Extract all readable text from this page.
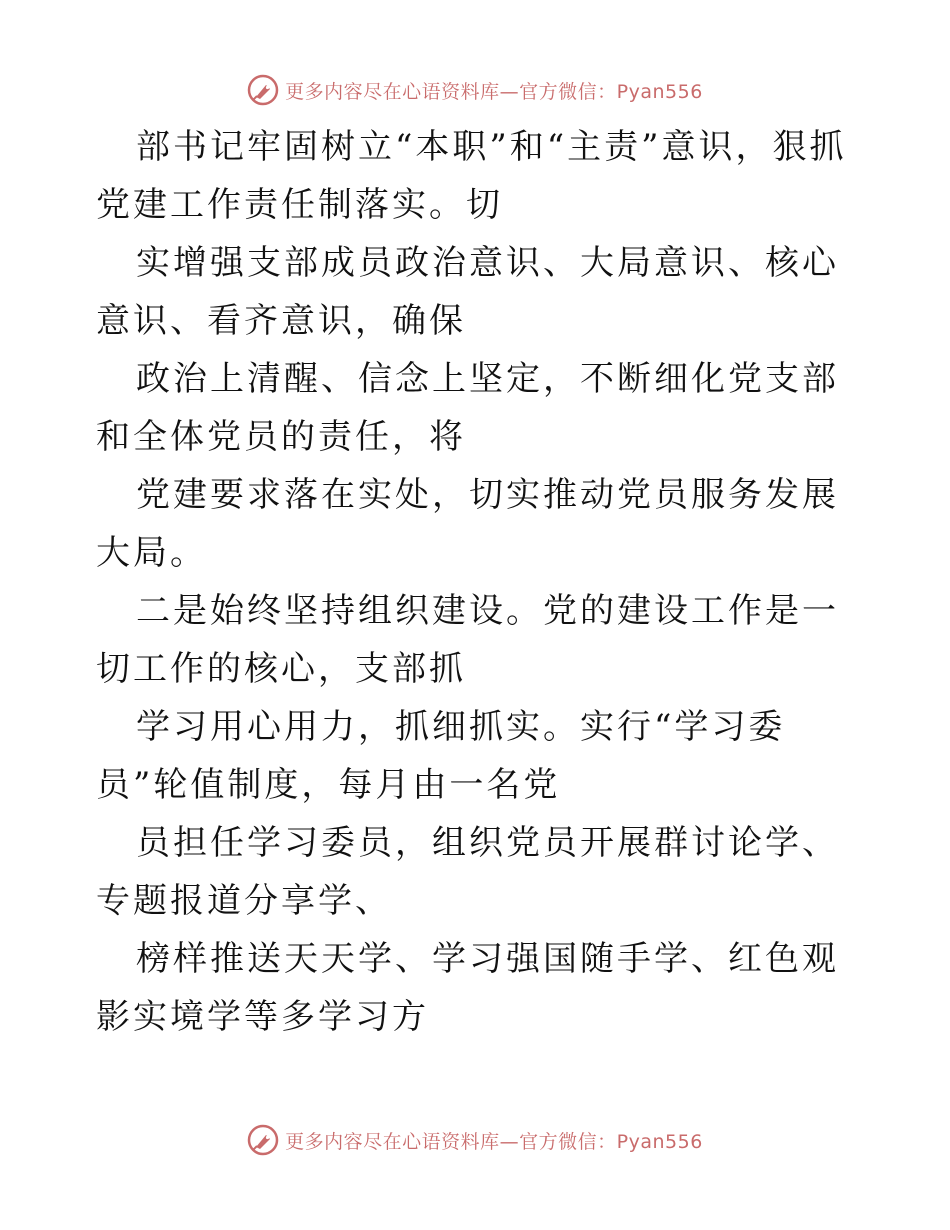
更多内容尽在心语资料库—官方微信：Pyan556

部书记牢固树立“本职”和“主责”意识，狠抓党建工作责任制落实。切

实增强支部成员政治意识、大局意识、核心意识、看齐意识，确保

政治上清醒、信念上坚定，不断细化党支部和全体党员的责任，将

党建要求落在实处，切实推动党员服务发展大局。

二是始终坚持组织建设。党的建设工作是一切工作的核心，支部抓

学习用心用力，抓细抓实。实行“学习委员”轮值制度，每月由一名党

员担任学习委员，组织党员开展群讨论学、专题报道分享学、

榜样推送天天学、学习强国随手学、红色观影实境学等多学习方

更多内容尽在心语资料库—官方微信：Pyan556
